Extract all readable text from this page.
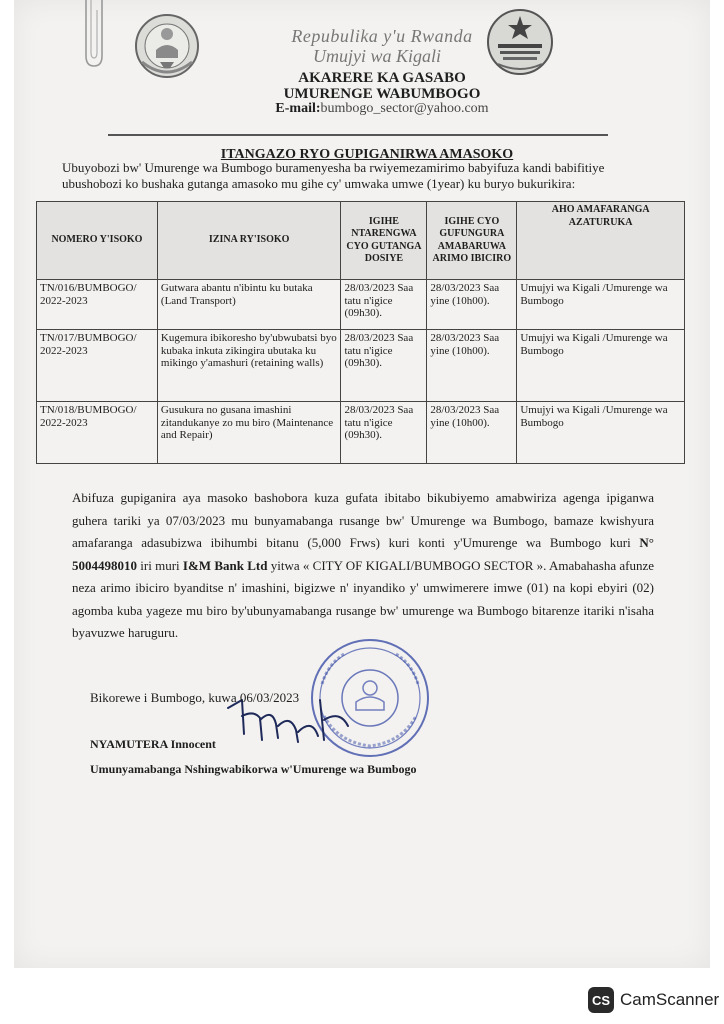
Repubulika y'u Rwanda
Umujyi wa Kigali
AKARERE KA GASABO
UMURENGE WABUMBOGO
E-mail:bumbogo_sector@yahoo.com
ITANGAZO RYO GUPIGANIRWA AMASOKO
Ubuyobozi bw' Umurenge wa Bumbogo buramenyesha ba rwiyemezamirimo babyifuza kandi babifitiye ubushobozi ko bushaka gutanga amasoko mu gihe cy' umwaka umwe (1year) ku buryo bukurikira:
NOMERO Y'ISOKO	IZINA RY'ISOKO	IGIHE NTARENGWA CYO GUTANGA DOSIYE	IGIHE CYO GUFUNGURA AMABARUWA ARIMO IBICIRO	AHO AMAFARANGA AZATURUKA
TN/016/BUMBOGO/ 2022-2023	Gutwara abantu n'ibintu ku butaka (Land Transport)	28/03/2023 Saa tatu n'igice (09h30).	28/03/2023 Saa yine (10h00).	Umujyi wa Kigali /Umurenge wa Bumbogo
TN/017/BUMBOGO/ 2022-2023	Kugemura ibikoresho by'ubwubatsi byo kubaka inkuta zikingira ubutaka ku mikingo y'amashuri (retaining walls)	28/03/2023 Saa tatu n'igice (09h30).	28/03/2023 Saa yine (10h00).	Umujyi wa Kigali /Umurenge wa Bumbogo
TN/018/BUMBOGO/ 2022-2023	Gusukura no gusana imashini zitandukanye zo mu biro (Maintenance and Repair)	28/03/2023 Saa tatu n'igice (09h30).	28/03/2023 Saa yine (10h00).	Umujyi wa Kigali /Umurenge wa Bumbogo
Abifuza gupiganira aya masoko bashobora kuza gufata ibitabo bikubiyemo amabwiriza agenga ipiganwa guhera tariki ya 07/03/2023 mu bunyamabanga rusange bw' Umurenge wa Bumbogo, bamaze kwishyura amafaranga adasubizwa ibihumbi bitanu (5,000 Frws) kuri konti y'Umurenge wa Bumbogo kuri N° 5004498010 iri muri I&M Bank Ltd yitwa « CITY OF KIGALI/BUMBOGO SECTOR ». Amabahasha afunze neza arimo ibiciro byanditse n' imashini, bigizwe n' inyandiko y' umwimerere imwe (01) na kopi ebyiri (02) agomba kuba yageze mu biro by'ubunyamabanga rusange bw' umurenge wa Bumbogo bitarenze itariki n'isaha byavuzwe haruguru.
Bikorewe i Bumbogo, kuwa 06/03/2023
NYAMUTERA Innocent
Umunyamabanga Nshingwabikorwa w'Umurenge wa Bumbogo
CS CamScanner
